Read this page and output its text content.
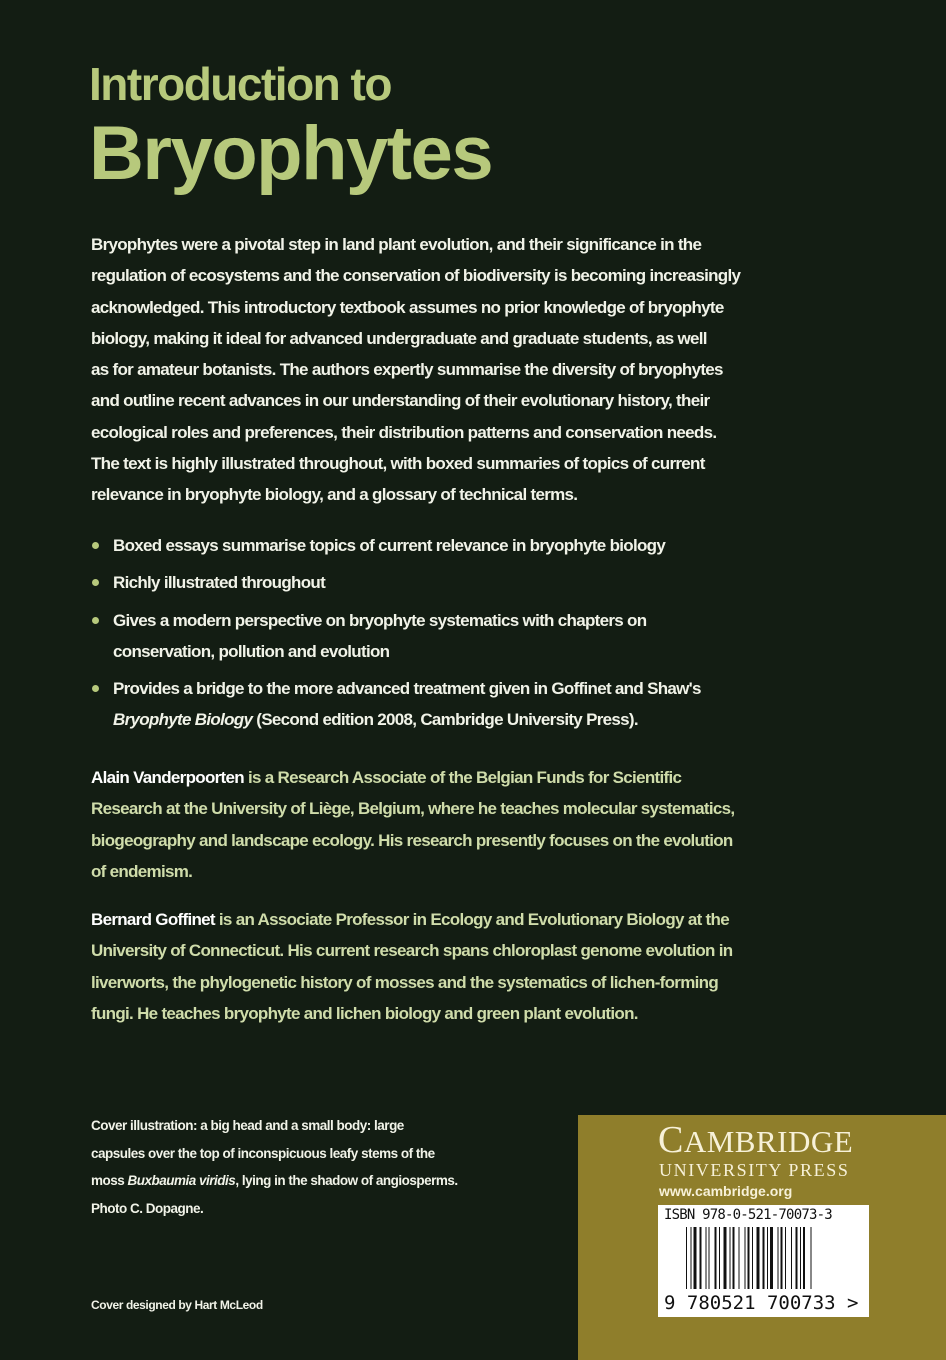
Introduction to
Bryophytes
Bryophytes were a pivotal step in land plant evolution, and their significance in the
regulation of ecosystems and the conservation of biodiversity is becoming increasingly
acknowledged. This introductory textbook assumes no prior knowledge of bryophyte
biology, making it ideal for advanced undergraduate and graduate students, as well
as for amateur botanists. The authors expertly summarise the diversity of bryophytes
and outline recent advances in our understanding of their evolutionary history, their
ecological roles and preferences, their distribution patterns and conservation needs.
The text is highly illustrated throughout, with boxed summaries of topics of current
relevance in bryophyte biology, and a glossary of technical terms.
Boxed essays summarise topics of current relevance in bryophyte biology
Richly illustrated throughout
Gives a modern perspective on bryophyte systematics with chapters on
conservation, pollution and evolution
Provides a bridge to the more advanced treatment given in Goffinet and Shaw's
Bryophyte Biology (Second edition 2008, Cambridge University Press).
Alain Vanderpoorten is a Research Associate of the Belgian Funds for Scientific
Research at the University of Liège, Belgium, where he teaches molecular systematics,
biogeography and landscape ecology. His research presently focuses on the evolution
of endemism.
Bernard Goffinet is an Associate Professor in Ecology and Evolutionary Biology at the
University of Connecticut. His current research spans chloroplast genome evolution in
liverworts, the phylogenetic history of mosses and the systematics of lichen-forming
fungi. He teaches bryophyte and lichen biology and green plant evolution.
Cover illustration: a big head and a small body: large
capsules over the top of inconspicuous leafy stems of the
moss Buxbaumia viridis, lying in the shadow of angiosperms.
Photo C. Dopagne.
Cover designed by Hart McLeod
CAMBRIDGE
UNIVERSITY PRESS
www.cambridge.org
ISBN 978-0-521-70073-3
9 780521 700733 >
